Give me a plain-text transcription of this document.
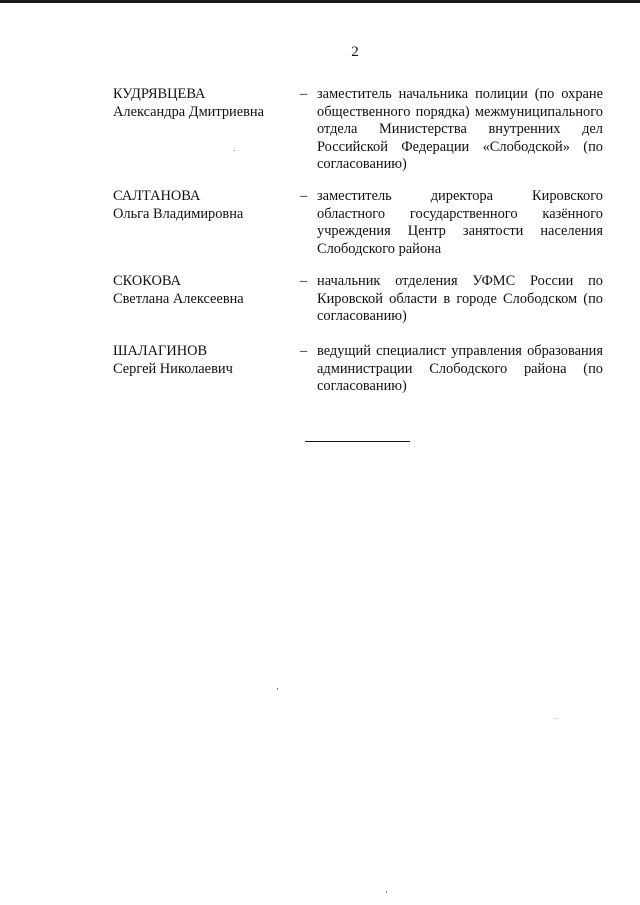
2
КУДРЯВЦЕВА
Александра Дмитриевна
– заместитель начальника полиции (по охране общественного порядка) межмуниципального отдела Министерства внутренних дел Российской Федерации «Слободской» (по согласованию)
САЛТАНОВА
Ольга Владимировна
– заместитель директора Кировского областного государственного казённого учреждения Центр занятости населения Слободского района
СКОКОВА
Светлана Алексеевна
– начальник отделения УФМС России по Кировской области в городе Слободском (по согласованию)
ШАЛАГИНОВ
Сергей Николаевич
– ведущий специалист управления образования администрации Слободского района (по согласованию)
